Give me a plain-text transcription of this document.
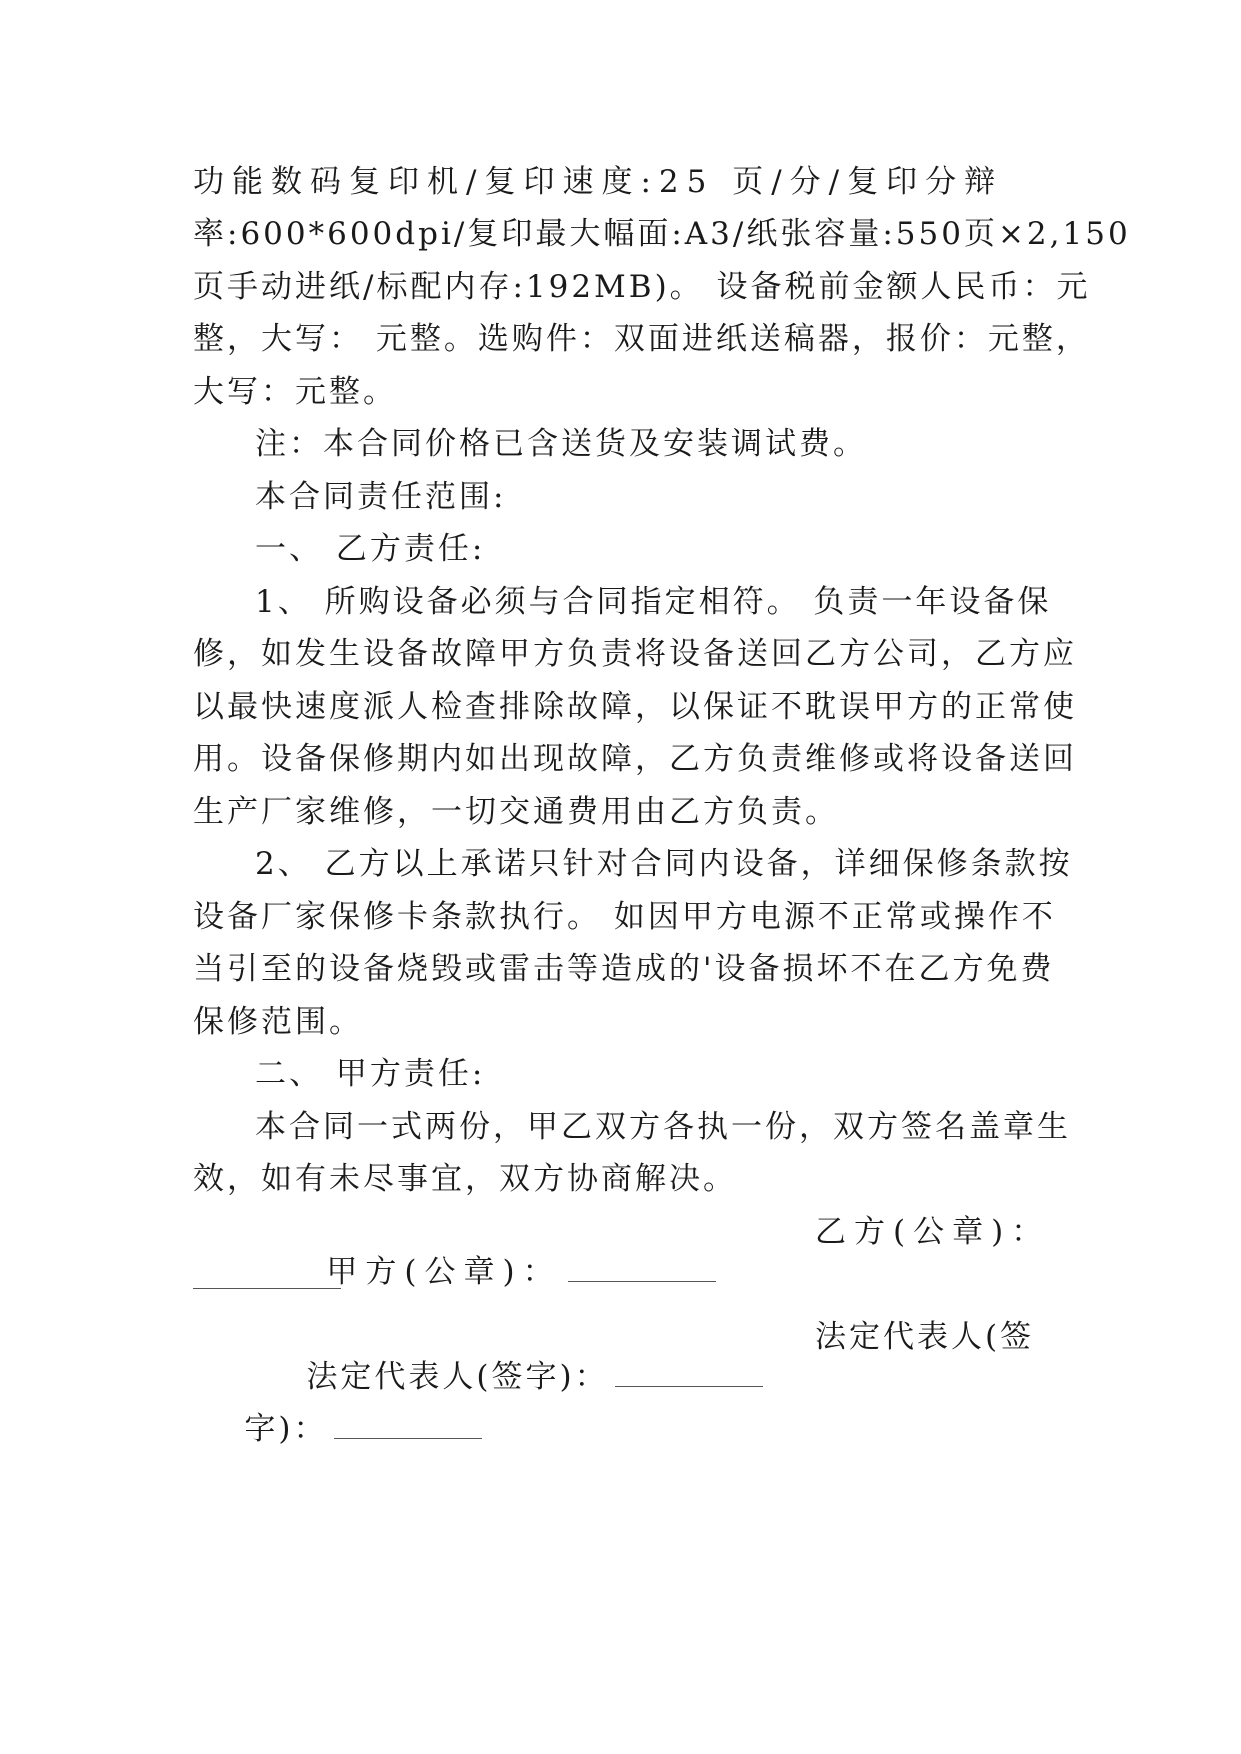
功能数码复印机/复印速度:25 页/分/复印分辩
率:600*600dpi/复印最大幅面:A3/纸张容量:550页×2,150
页手动进纸/标配内存:192MB)。 设备税前金额人民币：元
整，大写： 元整。选购件：双面进纸送稿器，报价：元整，
大写：元整。
注：本合同价格已含送货及安装调试费。
本合同责任范围:
一、 乙方责任:
1、 所购设备必须与合同指定相符。 负责一年设备保
修，如发生设备故障甲方负责将设备送回乙方公司，乙方应
以最快速度派人检查排除故障，以保证不耽误甲方的正常使
用。设备保修期内如出现故障，乙方负责维修或将设备送回
生产厂家维修，一切交通费用由乙方负责。
2、 乙方以上承诺只针对合同内设备，详细保修条款按
设备厂家保修卡条款执行。 如因甲方电源不正常或操作不
当引至的设备烧毁或雷击等造成的'设备损坏不在乙方免费
保修范围。
二、 甲方责任:
本合同一式两份，甲乙双方各执一份，双方签名盖章生
效，如有未尽事宜，双方协商解决。

甲方(公章)：

乙方(公章)：

法定代表人(签字)：

法定代表人(签

字)：
